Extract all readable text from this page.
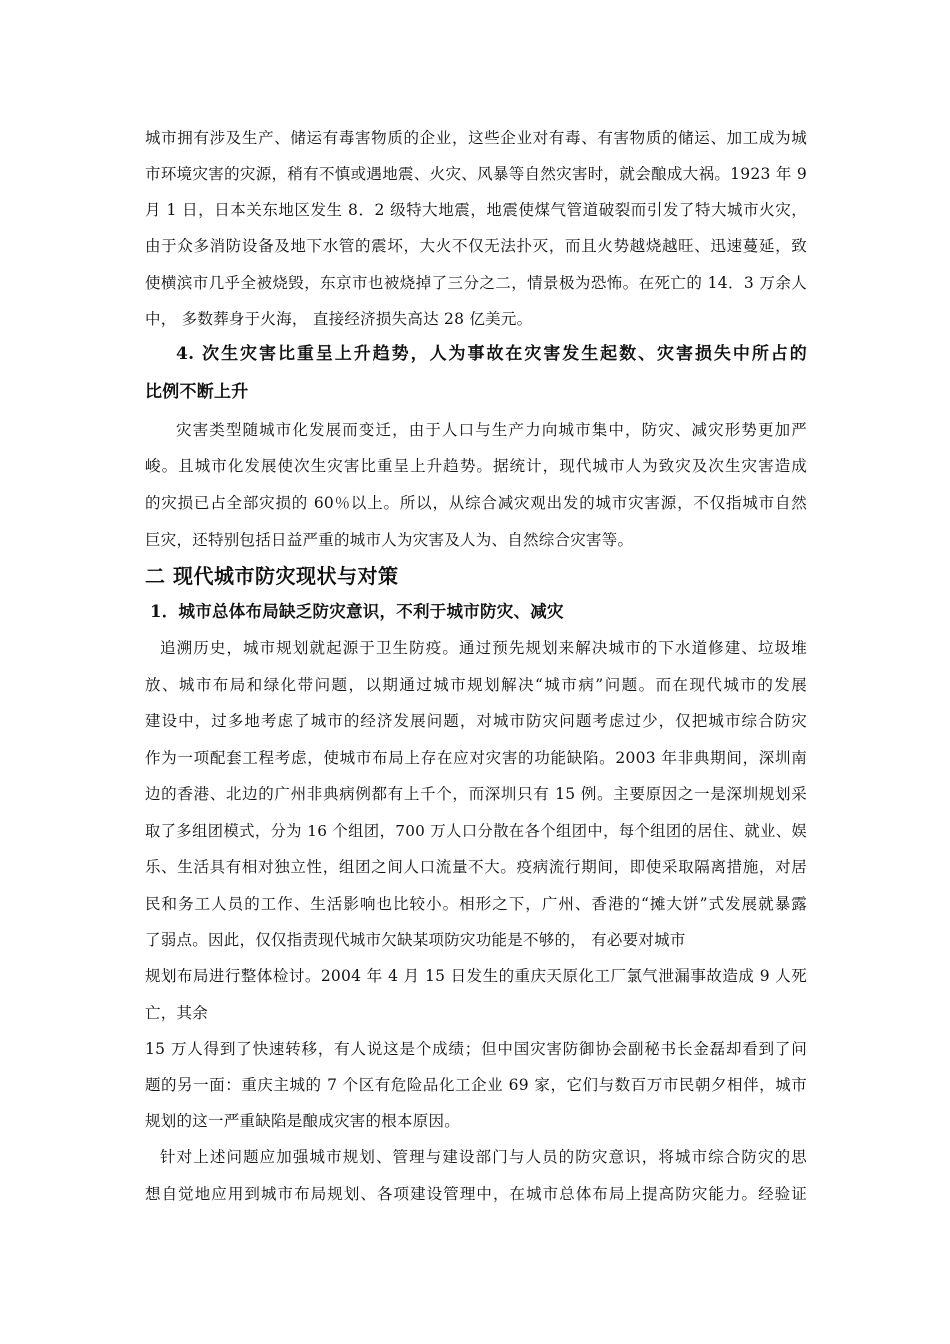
城市拥有涉及生产、储运有毒害物质的企业，这些企业对有毒、有害物质的储运、加工成为城
市环境灾害的灾源，稍有不慎或遇地震、火灾、风暴等自然灾害时，就会酿成大祸。1923 年 9
月 1 日，日本关东地区发生 8．2 级特大地震，地震使煤气管道破裂而引发了特大城市火灾，
由于众多消防设备及地下水管的震坏，大火不仅无法扑灭，而且火势越烧越旺、迅速蔓延，致
使横滨市几乎全被烧毁，东京市也被烧掉了三分之二，情景极为恐怖。在死亡的 14．3 万余人
中， 多数葬身于火海， 直接经济损失高达 28 亿美元。
4. 次生灾害比重呈上升趋势，人为事故在灾害发生起数、灾害损失中所占的
比例不断上升
灾害类型随城市化发展而变迁，由于人口与生产力向城市集中，防灾、减灾形势更加严
峻。且城市化发展使次生灾害比重呈上升趋势。据统计，现代城市人为致灾及次生灾害造成
的灾损已占全部灾损的 60％以上。所以，从综合减灾观出发的城市灾害源，不仅指城市自然
巨灾，还特别包括日益严重的城市人为灾害及人为、自然综合灾害等。
二 现代城市防灾现状与对策
1．城市总体布局缺乏防灾意识，不利于城市防灾、减灾
追溯历史，城市规划就起源于卫生防疫。通过预先规划来解决城市的下水道修建、垃圾堆
放、城市布局和绿化带问题，以期通过城市规划解决“城市病”问题。而在现代城市的发展
建设中，过多地考虑了城市的经济发展问题，对城市防灾问题考虑过少，仅把城市综合防灾
作为一项配套工程考虑，使城市布局上存在应对灾害的功能缺陷。2003 年非典期间，深圳南
边的香港、北边的广州非典病例都有上千个，而深圳只有 15 例。主要原因之一是深圳规划采
取了多组团模式，分为 16 个组团，700 万人口分散在各个组团中，每个组团的居住、就业、娱
乐、生活具有相对独立性，组团之间人口流量不大。疫病流行期间，即使采取隔离措施，对居
民和务工人员的工作、生活影响也比较小。相形之下，广州、香港的“摊大饼”式发展就暴露
了弱点。因此，仅仅指责现代城市欠缺某项防灾功能是不够的， 有必要对城市
规划布局进行整体检讨。2004 年 4 月 15 日发生的重庆天原化工厂氯气泄漏事故造成 9 人死
亡，其余
15 万人得到了快速转移，有人说这是个成绩；但中国灾害防御协会副秘书长金磊却看到了问
题的另一面：重庆主城的 7 个区有危险品化工企业 69 家，它们与数百万市民朝夕相伴，城市
规划的这一严重缺陷是酿成灾害的根本原因。
针对上述问题应加强城市规划、管理与建设部门与人员的防灾意识，将城市综合防灾的思
想自觉地应用到城市布局规划、各项建设管理中，在城市总体布局上提高防灾能力。经验证
